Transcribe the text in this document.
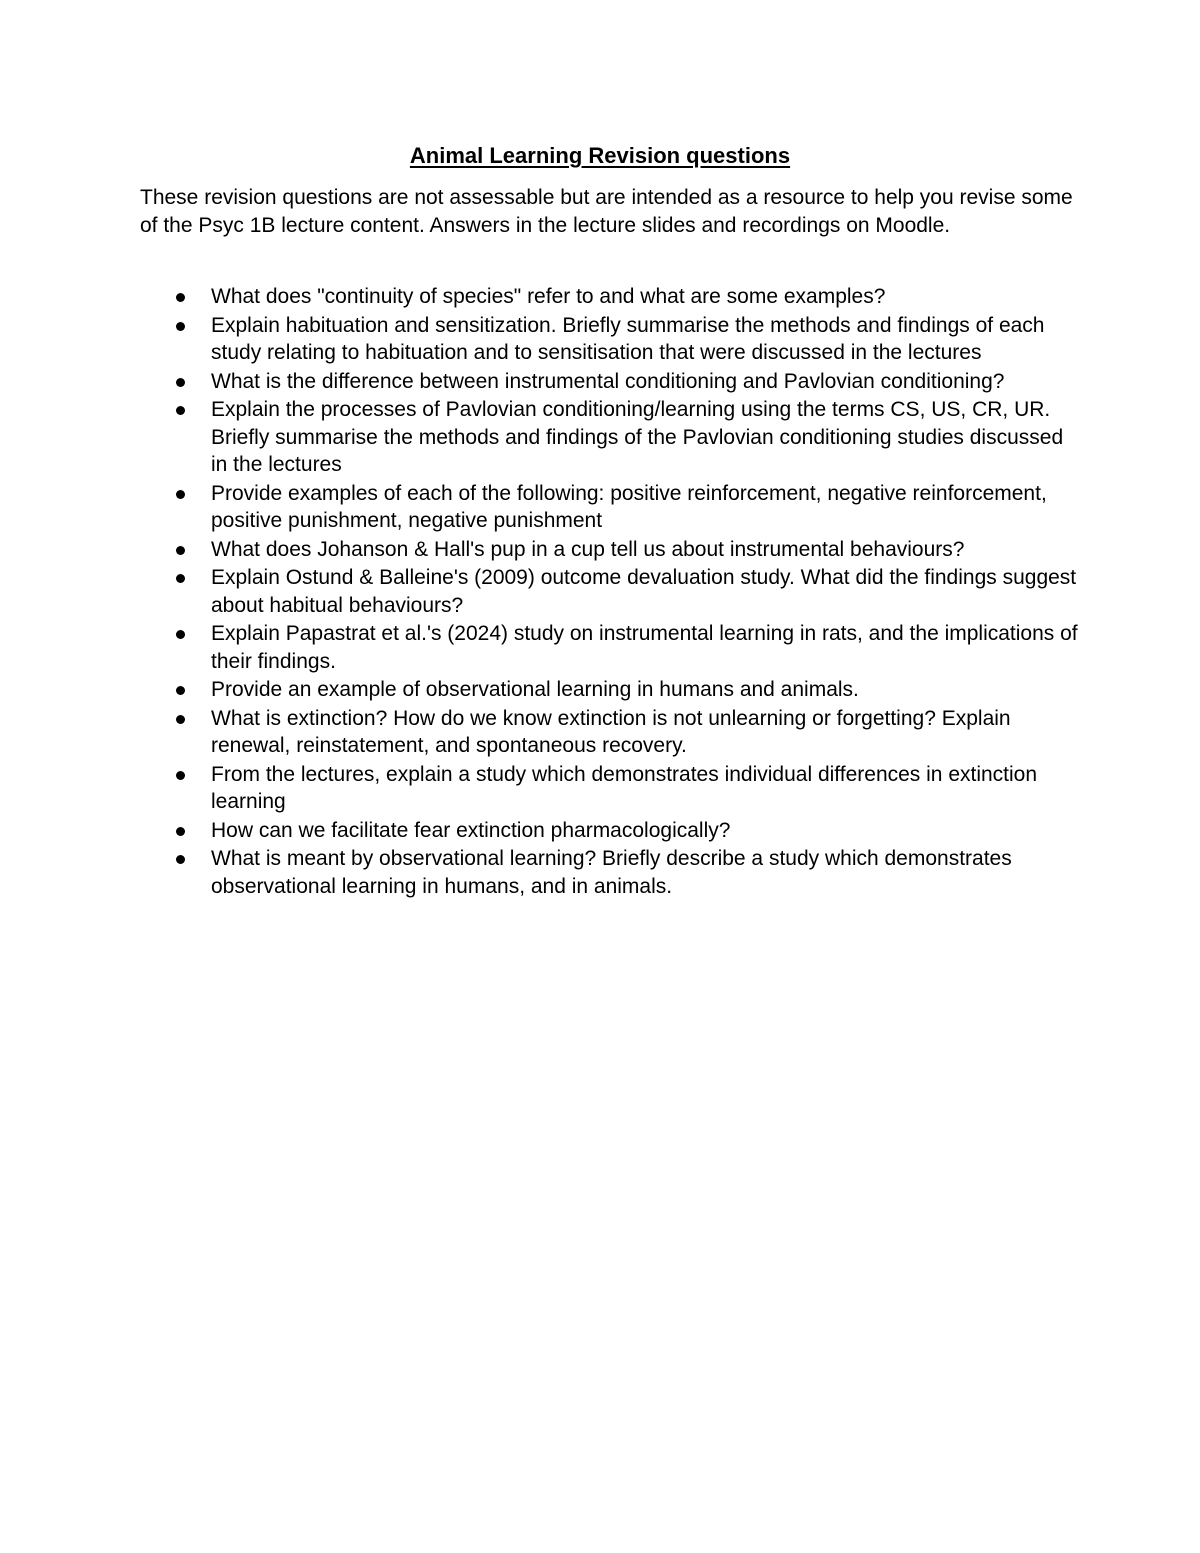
Animal Learning Revision questions
These revision questions are not assessable but are intended as a resource to help you revise some of the Psyc 1B lecture content. Answers in the lecture slides and recordings on Moodle.
What does "continuity of species" refer to and what are some examples?
Explain habituation and sensitization. Briefly summarise the methods and findings of each study relating to habituation and to sensitisation that were discussed in the lectures
What is the difference between instrumental conditioning and Pavlovian conditioning?
Explain the processes of Pavlovian conditioning/learning using the terms CS, US, CR, UR. Briefly summarise the methods and findings of the Pavlovian conditioning studies discussed in the lectures
Provide examples of each of the following: positive reinforcement, negative reinforcement, positive punishment, negative punishment
What does Johanson & Hall's pup in a cup tell us about instrumental behaviours?
Explain Ostund & Balleine's (2009) outcome devaluation study. What did the findings suggest about habitual behaviours?
Explain Papastrat et al.'s (2024) study on instrumental learning in rats, and the implications of their findings.
Provide an example of observational learning in humans and animals.
What is extinction? How do we know extinction is not unlearning or forgetting? Explain renewal, reinstatement, and spontaneous recovery.
From the lectures, explain a study which demonstrates individual differences in extinction learning
How can we facilitate fear extinction pharmacologically?
What is meant by observational learning? Briefly describe a study which demonstrates observational learning in humans, and in animals.
